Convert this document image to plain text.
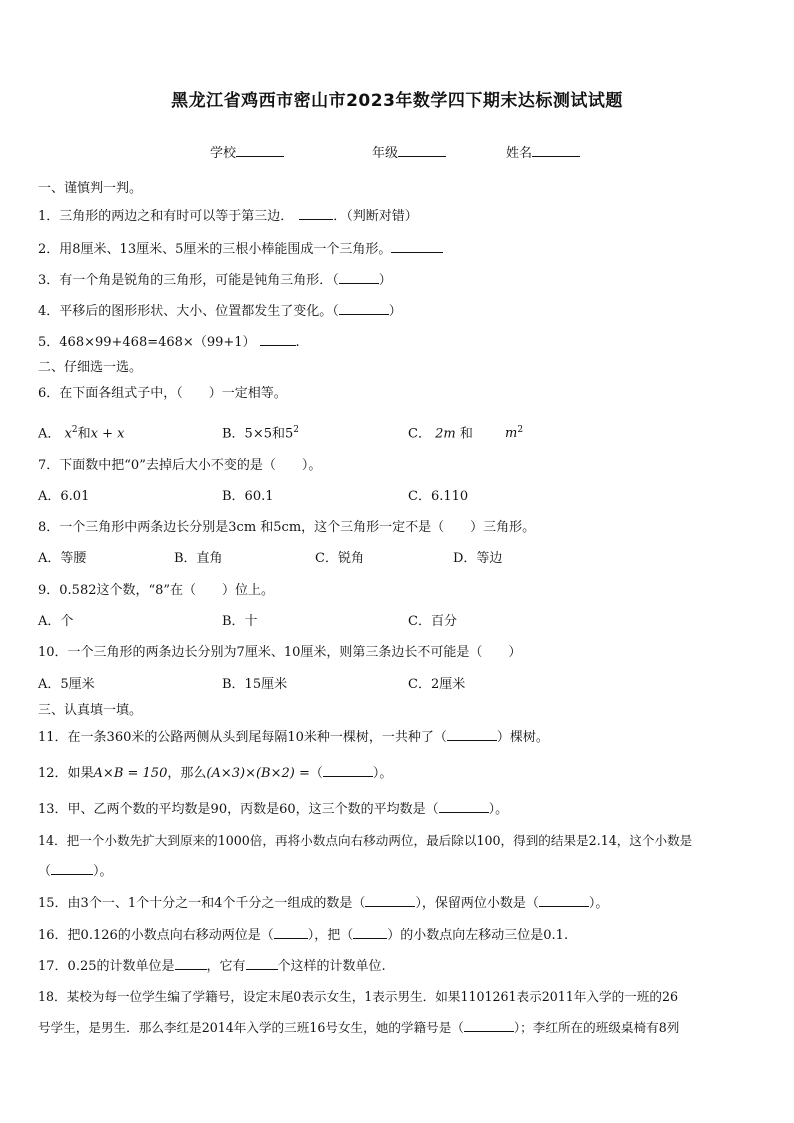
黑龙江省鸡西市密山市2023年数学四下期末达标测试试题
学校	年级	姓名
一、谨慎判一判。
1．三角形的两边之和有时可以等于第三边．	．（判断对错）
2．用8厘米、13厘米、5厘米的三根小棒能围成一个三角形。
3．有一个角是锐角的三角形，可能是钝角三角形．（	）
4．平移后的图形形状、大小、位置都发生了变化。（	）
5．468×99+468=468×（99+1）	.
二、仔细选一选。
6．在下面各组式子中，（　　）一定相等。
A． $x^2$和x + x	B．5×5和$5^2$	C． 2m 和 $m^2$
7．下面数中把“0”去掉后大小不变的是（　　）。
A．6.01	B．60.1	C．6.110
8．一个三角形中两条边长分别是3cm 和5cm，这个三角形一定不是（　　）三角形。
A．等腰	B．直角	C．锐角	D．等边
9．0.582这个数，“8”在（　　）位上。
A．个	B．十	C．百分
10．一个三角形的两条边长分别为7厘米、10厘米，则第三条边长不可能是（　　）
A．5厘米	B．15厘米	C．2厘米
三、认真填一填。
11．在一条360米的公路两侧从头到尾每隔10米种一棵树，一共种了（	）棵树。
12．如果A×B = 150，那么(A×3)×(B×2) =（	）。
13．甲、乙两个数的平均数是90，丙数是60，这三个数的平均数是（	）。
14．把一个小数先扩大到原来的1000倍，再将小数点向右移动两位，最后除以100，得到的结果是2.14，这个小数是
（	）。
15．由3个一、1个十分之一和4个千分之一组成的数是（	），保留两位小数是（	）。
16．把0.126的小数点向右移动两位是（	），把（	）的小数点向左移动三位是0.1.
17．0.25的计数单位是 ，它有 个这样的计数单位.
18．某校为每一位学生编了学籍号，设定末尾0表示女生，1表示男生．如果1101261表示2011年入学的一班的26
号学生，是男生．那么李红是2014年入学的三班16号女生，她的学籍号是（	）；李红所在的班级桌椅有8列
